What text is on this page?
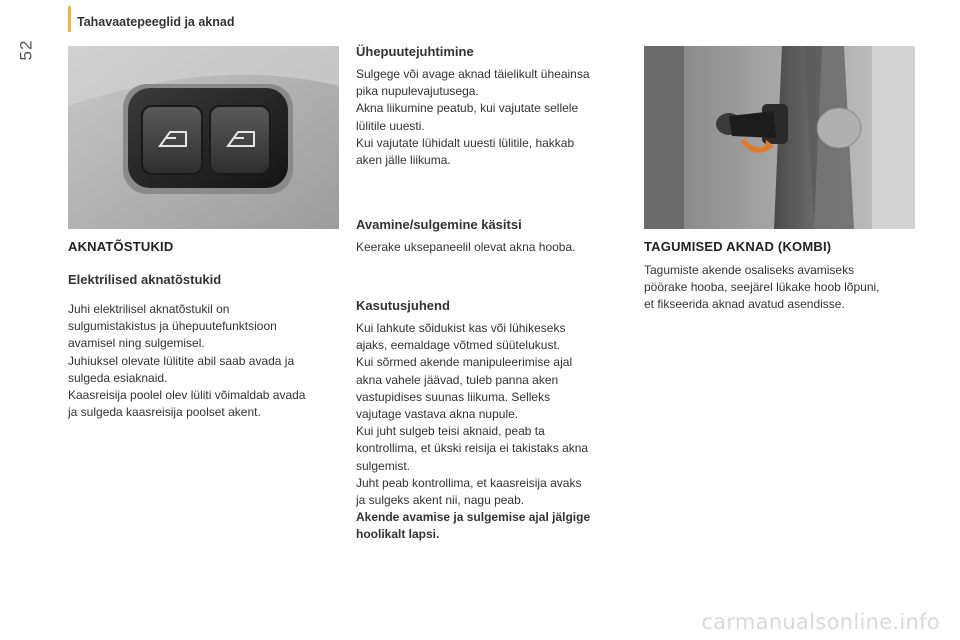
52
Tahavaatepeeglid ja aknad
AKNATÕSTUKID
Elektrilised aknatõstukid
Juhi elektrilisel aknatõstukil on
sulgumistakistus ja ühepuutefunktsioon
avamisel ning sulgemisel.
Juhiuksel olevate lülitite abil saab avada ja
sulgeda esiaknaid.
Kaasreisija poolel olev lüliti võimaldab avada
ja sulgeda kaasreisija poolset akent.
Ühepuutejuhtimine
Sulgege või avage aknad täielikult üheainsa
pika nupulevajutusega.
Akna liikumine peatub, kui vajutate sellele
lülitile uuesti.
Kui vajutate lühidalt uuesti lülitile, hakkab
aken jälle liikuma.
Avamine/sulgemine käsitsi
Keerake uksepaneelil olevat akna hooba.
Kasutusjuhend
Kui lahkute sõidukist kas või lühikeseks
ajaks, eemaldage võtmed süütelukust.
Kui sõrmed akende manipuleerimise ajal
akna vahele jäävad, tuleb panna aken
vastupidises suunas liikuma. Selleks
vajutage vastava akna nupule.
Kui juht sulgeb teisi aknaid, peab ta
kontrollima, et ükski reisija ei takistaks akna
sulgemist.
Juht peab kontrollima, et kaasreisija avaks
ja sulgeks akent nii, nagu peab.
Akende avamise ja sulgemise ajal jälgige
hoolikalt lapsi.
TAGUMISED AKNAD (KOMBI)
Tagumiste akende osaliseks avamiseks
pöörake hooba, seejärel lükake hoob lõpuni,
et fikseerida aknad avatud asendisse.
carmanualsonline.info
